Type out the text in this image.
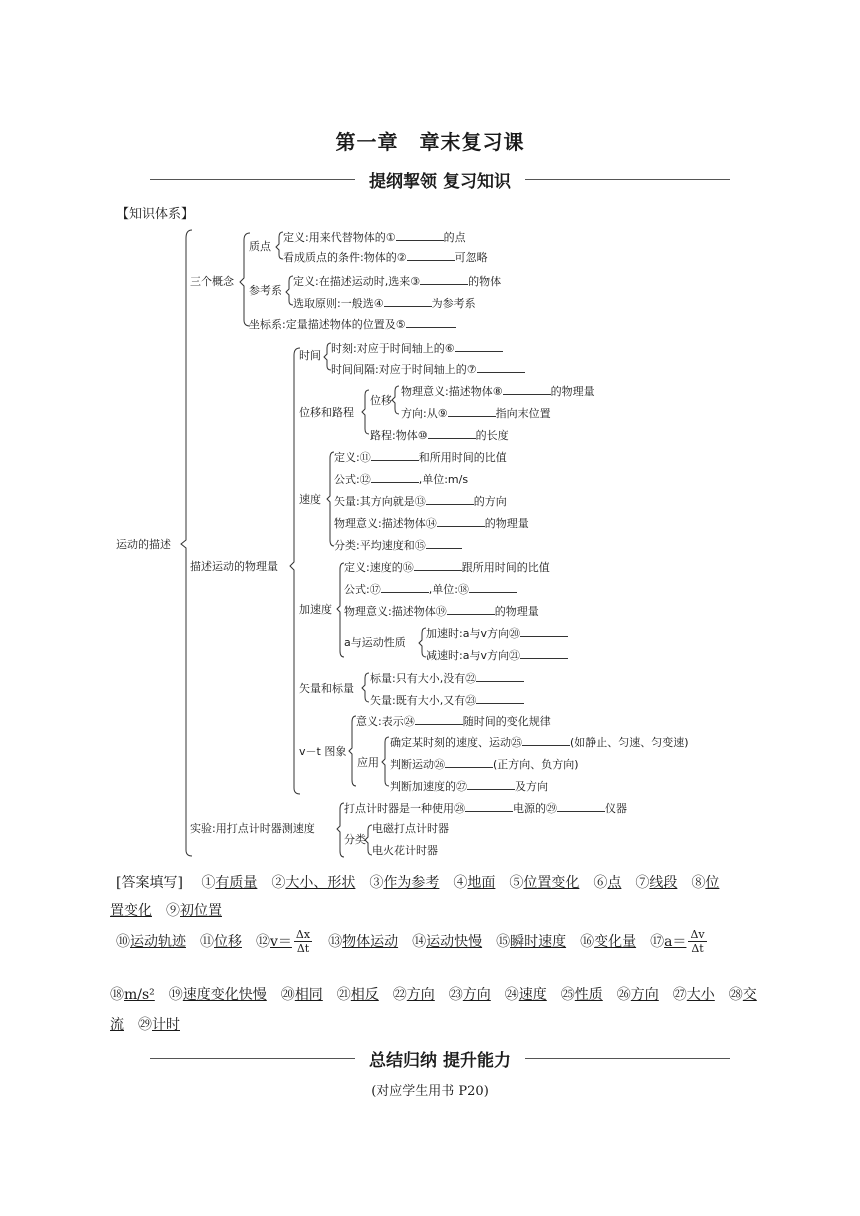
第一章　章末复习课
提纲挈领 复习知识
【知识体系】
运动的描述
三个概念
质点
定义:用来代替物体的①	的点
看成质点的条件:物体的②	可忽略
参考系
定义:在描述运动时,选来③	的物体
选取原则:一般选④	为参考系
坐标系:定量描述物体的位置及⑤
描述运动的物理量
时间
时刻:对应于时间轴上的⑥
时间间隔:对应于时间轴上的⑦
位移和路程
位移
物理意义:描述物体⑧	的物理量
方向:从⑨	指向末位置
路程:物体⑩	的长度
速度
定义:⑪	和所用时间的比值
公式:⑫	,单位:m/s
矢量:其方向就是⑬	的方向
物理意义:描述物体⑭	的物理量
分类:平均速度和⑮
加速度
定义:速度的⑯	跟所用时间的比值
公式:⑰	,单位:⑱
物理意义:描述物体⑲	的物理量
a与运动性质
加速时:a与v方向⑳
减速时:a与v方向㉑
矢量和标量
标量:只有大小,没有㉒
矢量:既有大小,又有㉓
v－t 图象
意义:表示㉔	随时间的变化规律
应用
确定某时刻的速度、运动㉕	(如静止、匀速、匀变速)
判断运动㉖	(正方向、负方向)
判断加速度的㉗	及方向
实验:用打点计时器测速度
打点计时器是一种使用㉘	电源的㉙	仪器
分类
电磁打点计时器
电火花计时器
[答案填写] ①有质量 ②大小、形状 ③作为参考 ④地面 ⑤位置变化 ⑥点 ⑦线段 ⑧位
置变化 ⑨初位置
⑩运动轨迹 ⑪位移 ⑫v＝ $\frac{\Delta x}{\Delta t}$ ⑬物体运动 ⑭运动快慢 ⑮瞬时速度 ⑯变化量 ⑰a＝ $\frac{\Delta v}{\Delta t}$
⑱m/s² ⑲速度变化快慢 ⑳相同 ㉑相反 ㉒方向 ㉓方向 ㉔速度 ㉕性质 ㉖方向 ㉗大小 ㉘交
流 ㉙计时
总结归纳 提升能力
(对应学生用书 P20)
